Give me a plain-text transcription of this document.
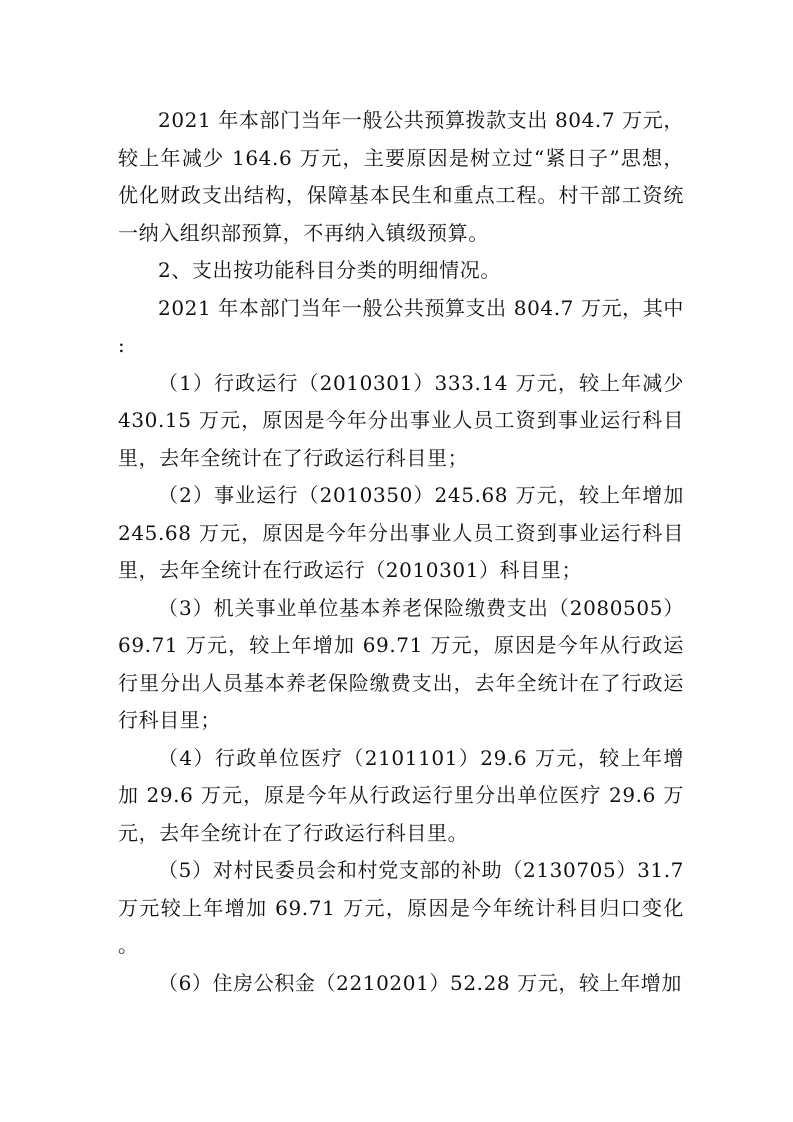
2021 年本部门当年一般公共预算拨款支出 804.7 万元，较上年减少 164.6 万元，主要原因是树立过“紧日子”思想，优化财政支出结构，保障基本民生和重点工程。村干部工资统一纳入组织部预算，不再纳入镇级预算。

2、支出按功能科目分类的明细情况。

2021 年本部门当年一般公共预算支出 804.7 万元，其中:

（1）行政运行（2010301）333.14 万元，较上年减少 430.15 万元，原因是今年分出事业人员工资到事业运行科目里，去年全统计在了行政运行科目里；

（2）事业运行（2010350）245.68 万元，较上年增加 245.68 万元，原因是今年分出事业人员工资到事业运行科目里，去年全统计在行政运行（2010301）科目里；

（3）机关事业单位基本养老保险缴费支出（2080505）69.71 万元，较上年增加 69.71 万元，原因是今年从行政运行里分出人员基本养老保险缴费支出，去年全统计在了行政运行科目里；

（4）行政单位医疗（2101101）29.6 万元，较上年增加 29.6 万元，原是今年从行政运行里分出单位医疗 29.6 万元，去年全统计在了行政运行科目里。

（5）对村民委员会和村党支部的补助（2130705）31.7 万元较上年增加 69.71 万元，原因是今年统计科目归口变化。

（6）住房公积金（2210201）52.28 万元，较上年增加
